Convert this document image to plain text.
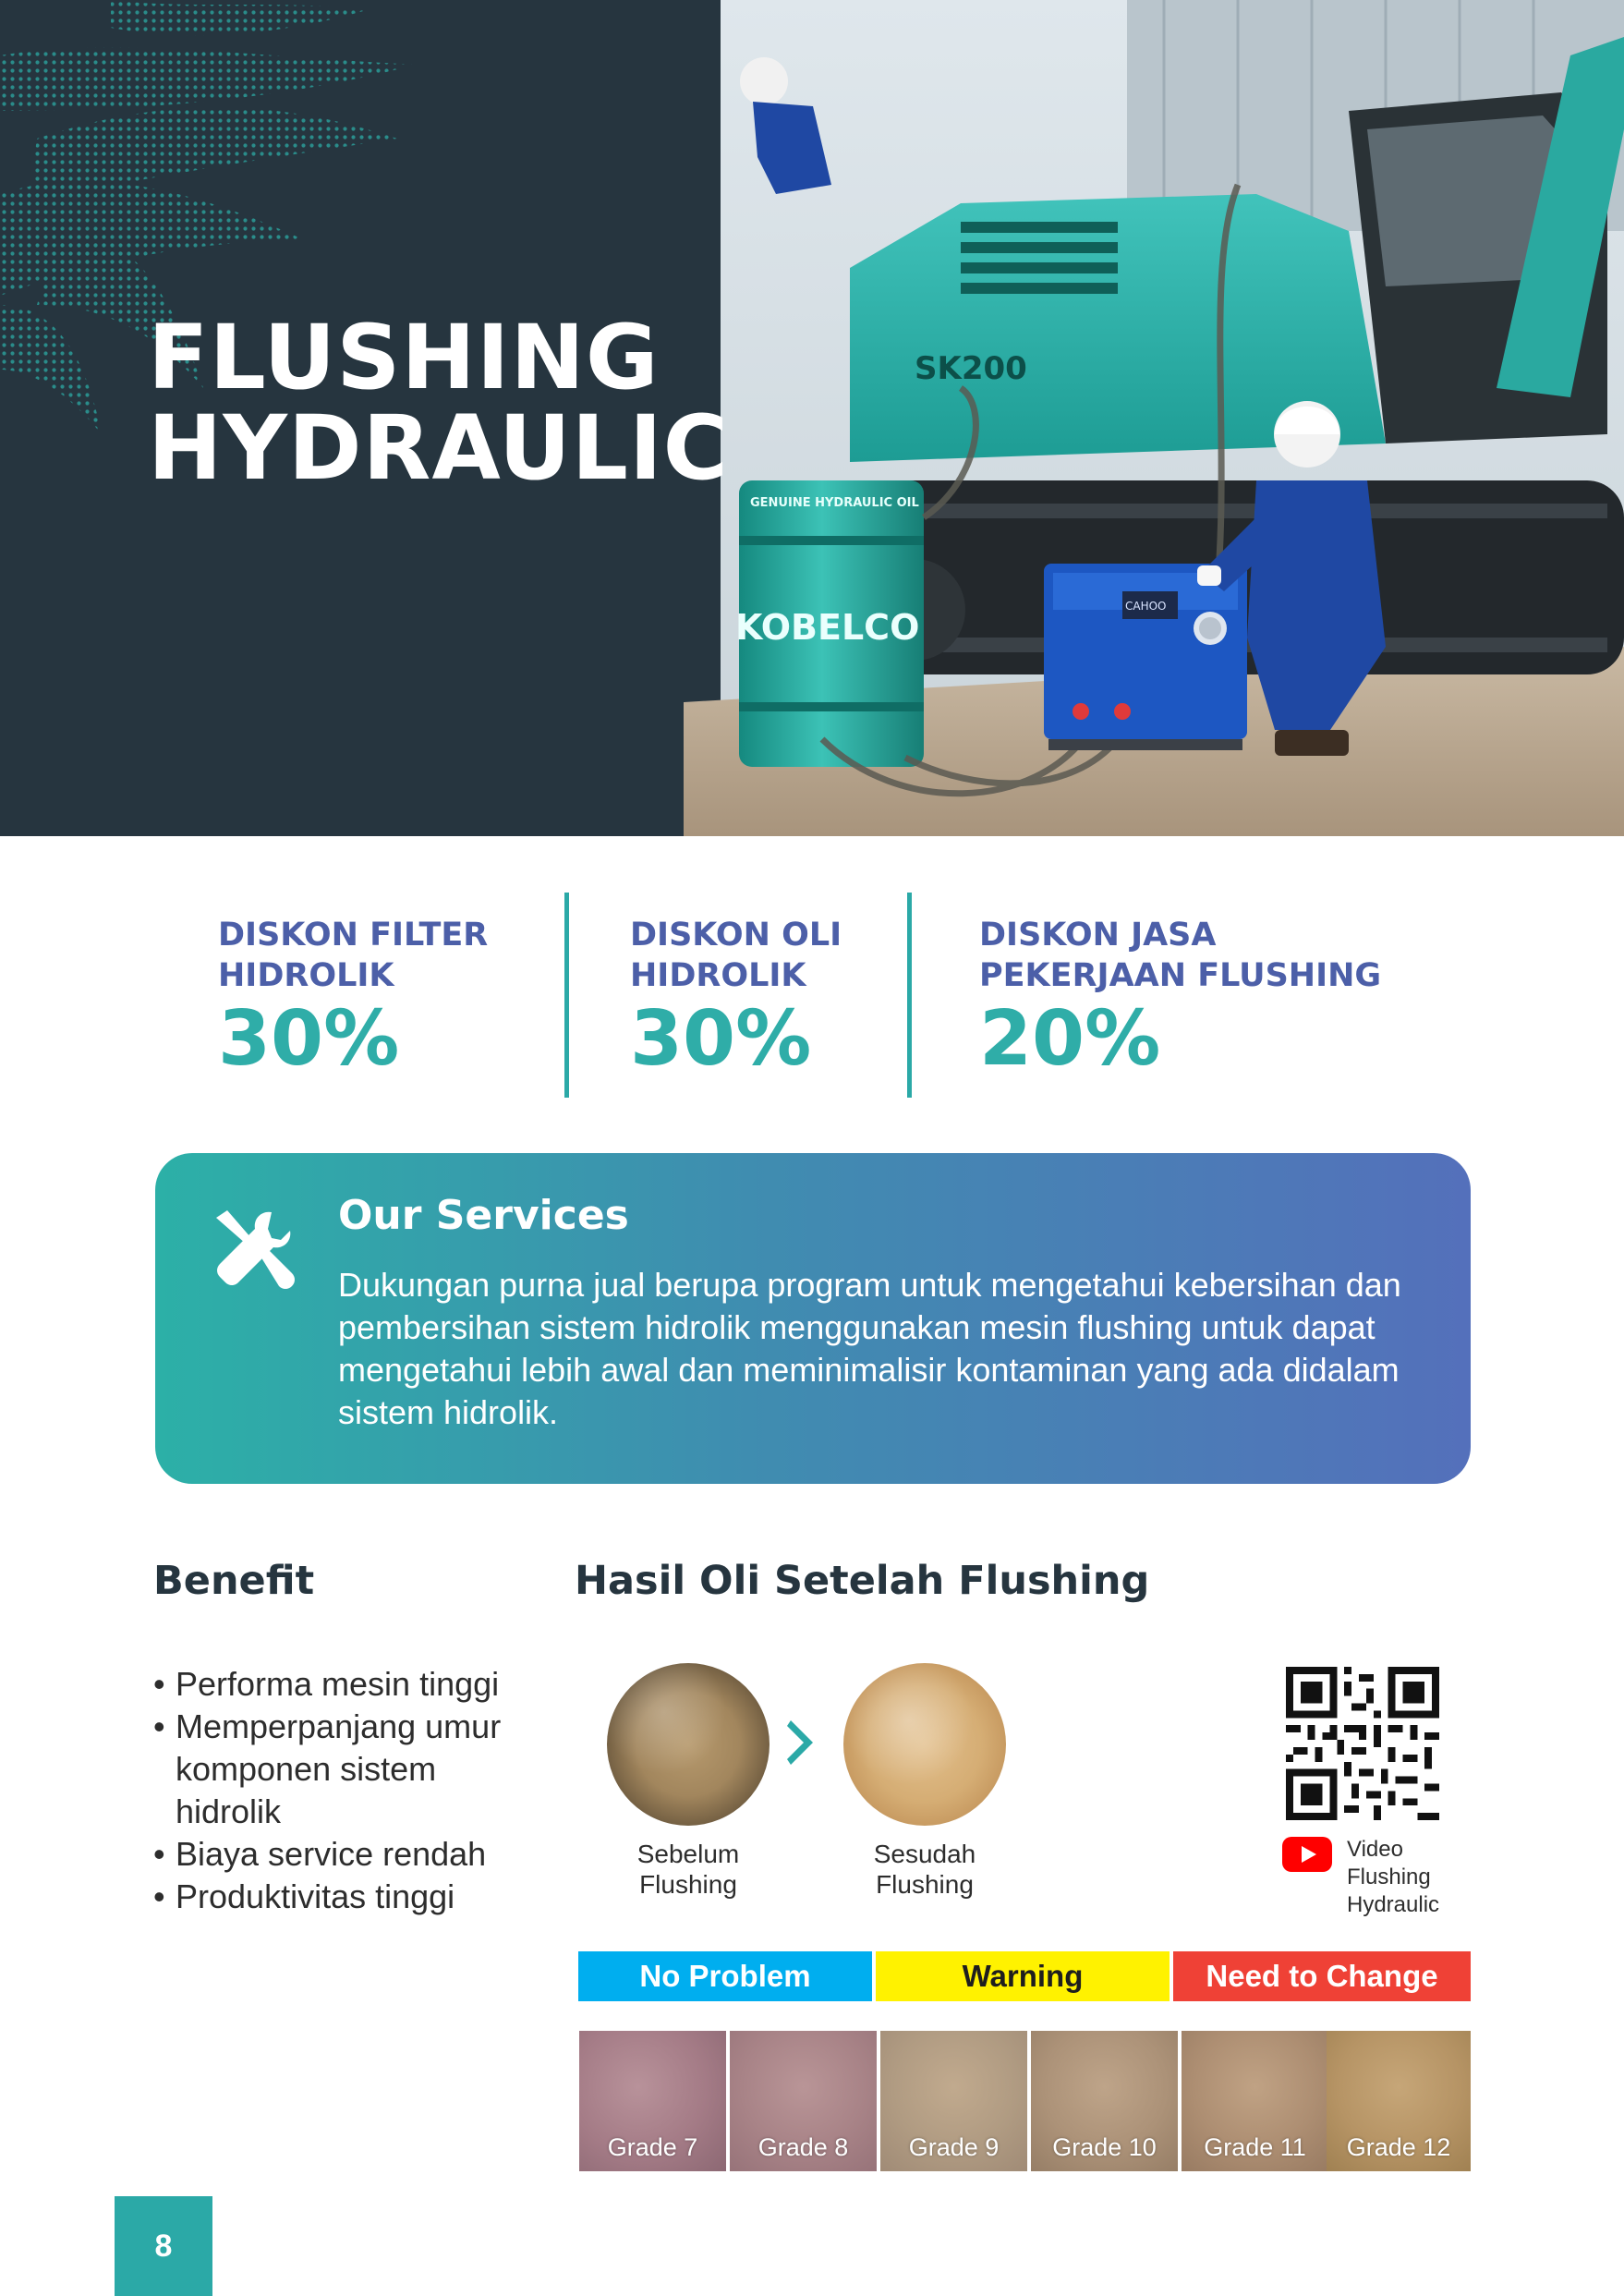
SK200
GENUINE HYDRAULIC OIL
KOBELCO
CAHOO
FLUSHING
HYDRAULIC
DISKON FILTER
HIDROLIK
30%
DISKON OLI
HIDROLIK
30%
DISKON JASA
PEKERJAAN FLUSHING
20%
Our Services

Dukungan purna jual berupa program untuk mengetahui kebersihan dan pembersihan sistem hidrolik menggunakan mesin flushing untuk dapat mengetahui lebih awal dan meminimalisir kontaminan yang ada didalam sistem hidrolik.

Benefit
• Performa mesin tinggi
• Memperpanjang umur komponen sistem hidrolik
• Biaya service rendah
• Produktivitas tinggi
Hasil Oli Setelah Flushing
Sebelum
Flushing
Sesudah
Flushing
Video
Flushing
Hydraulic
No Problem	Warning	Need to Change
Grade 7	Grade 8	Grade 9	Grade 10	Grade 11	Grade 12
8
